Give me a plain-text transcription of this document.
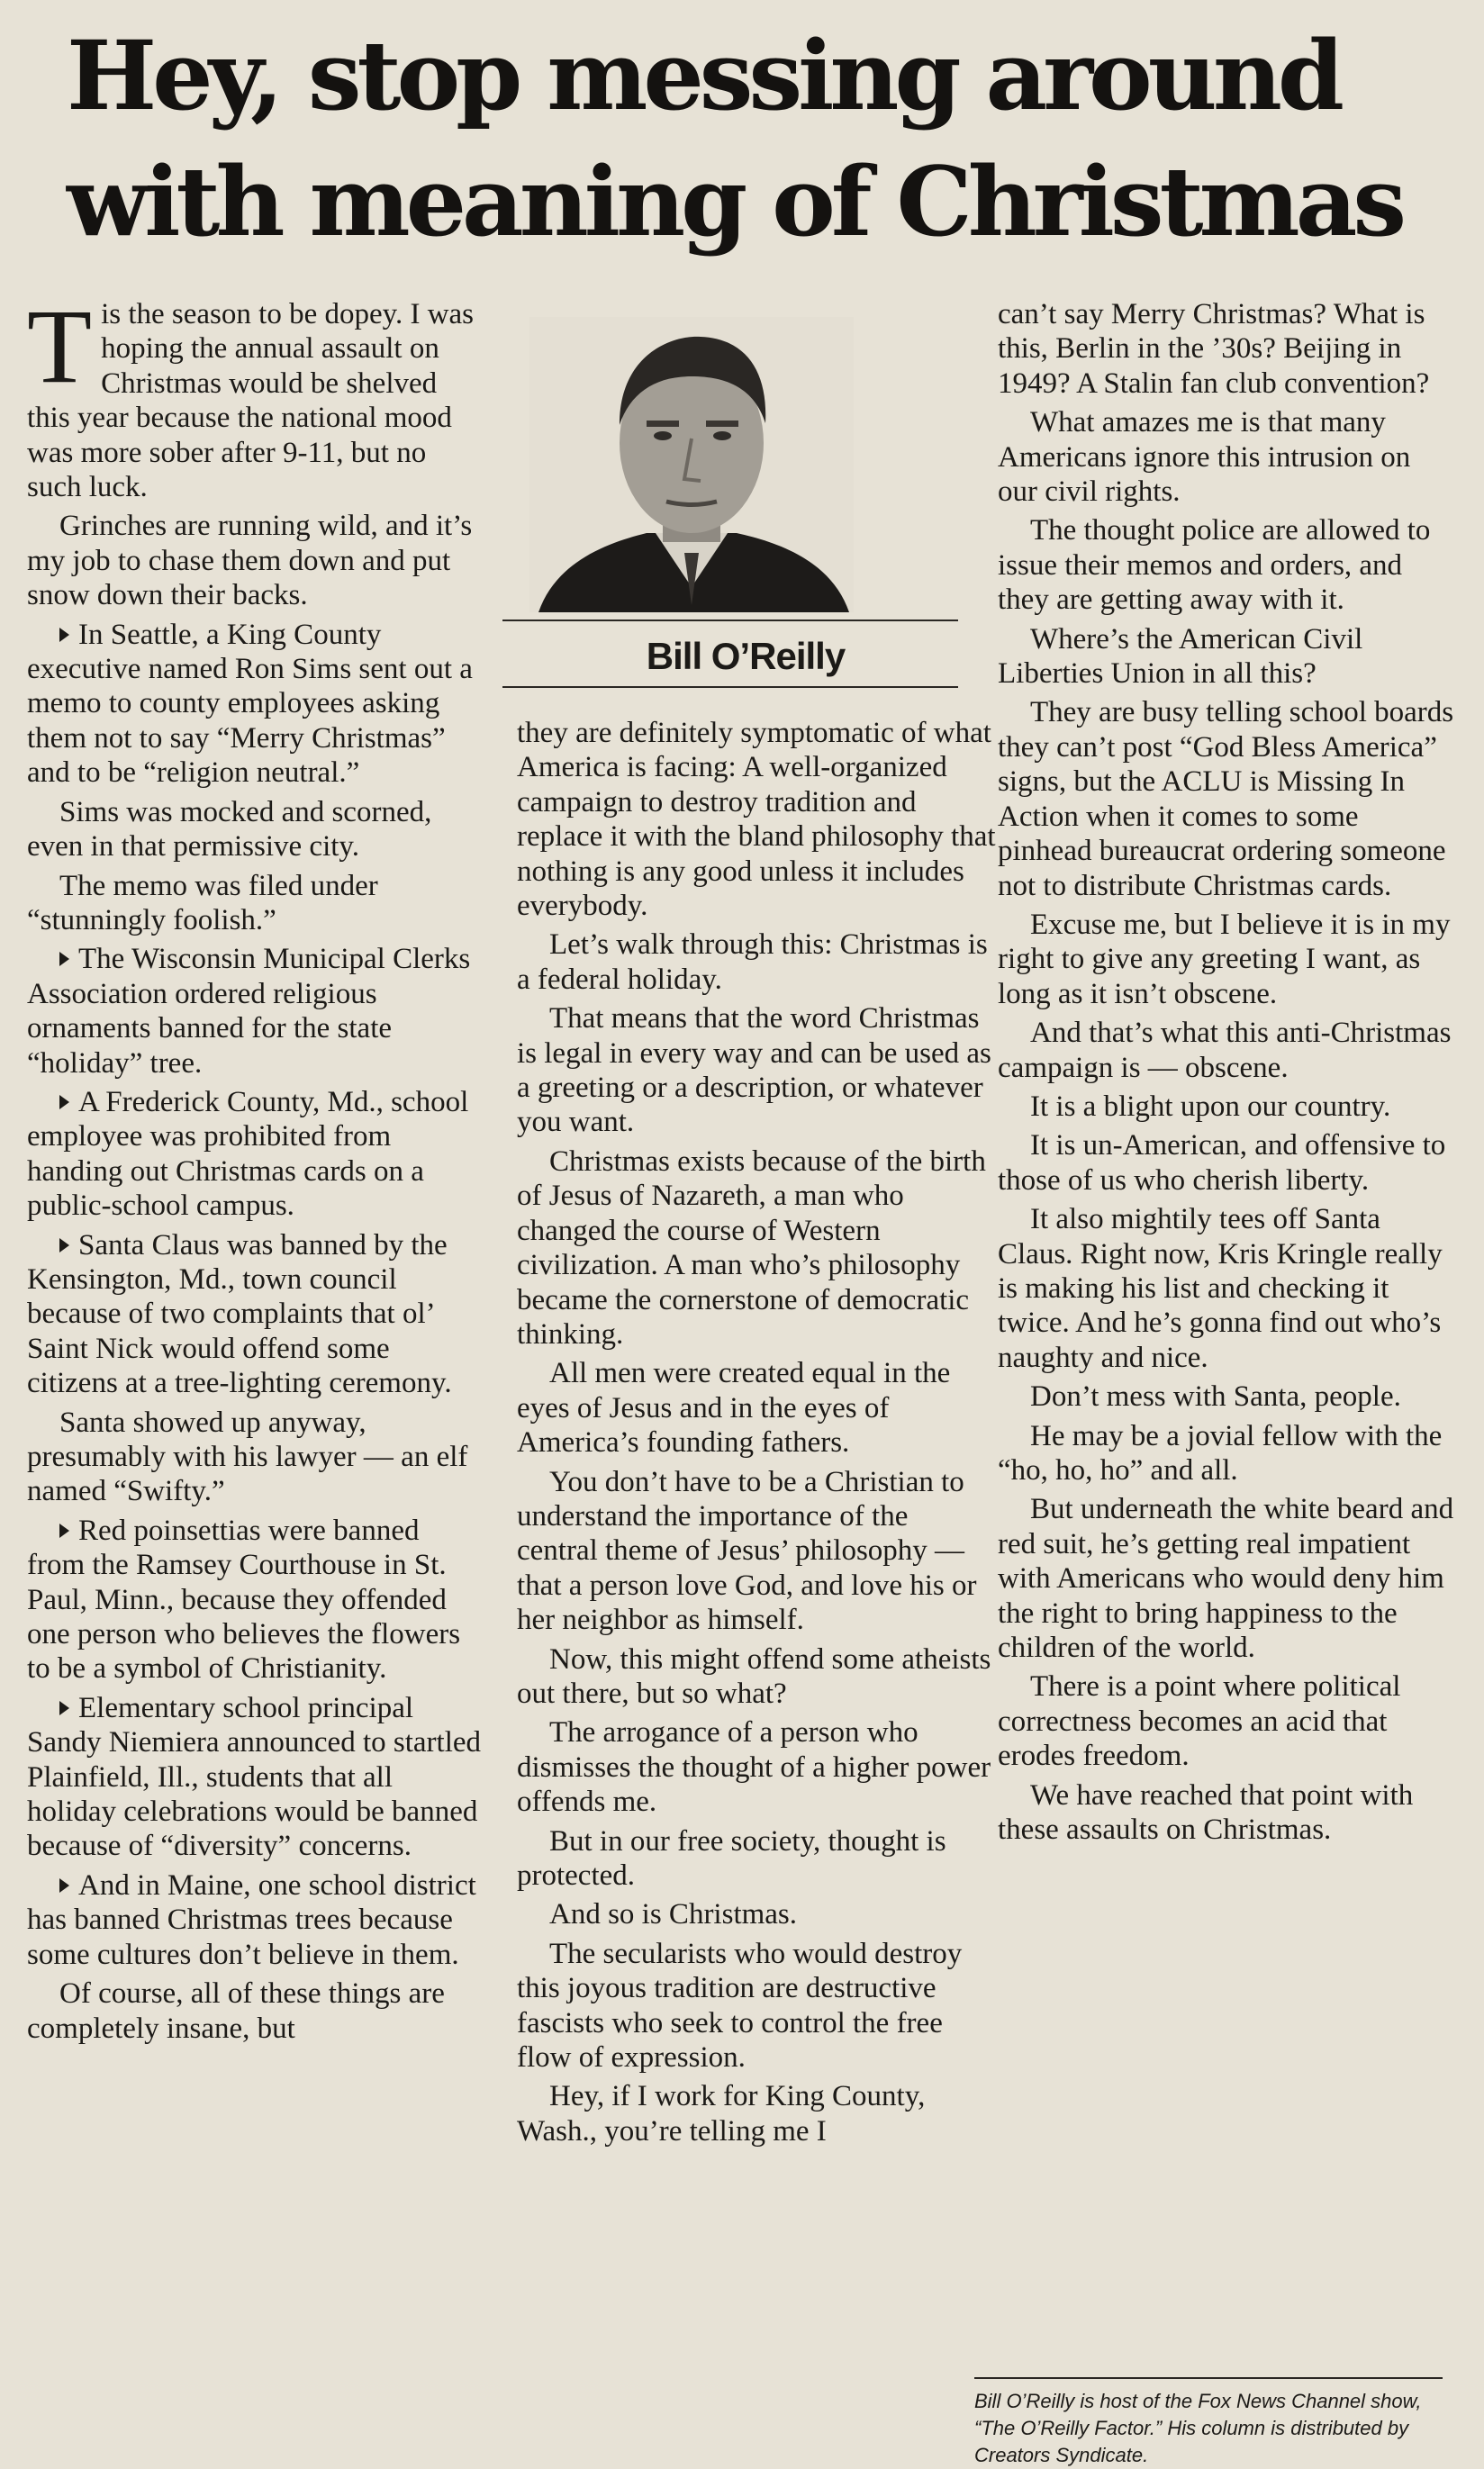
Hey, stop messing around
with meaning of Christmas

Tis the season to be dopey. I was hoping the annual assault on Christmas would be shelved this year because the national mood was more sober after 9-11, but no such luck.

Grinches are running wild, and it’s my job to chase them down and put snow down their backs.

In Seattle, a King County executive named Ron Sims sent out a memo to county employees asking them not to say “Merry Christmas” and to be “religion neutral.”

Sims was mocked and scorned, even in that permissive city.

The memo was filed under “stunningly foolish.”

The Wisconsin Municipal Clerks Association ordered religious ornaments banned for the state “holiday” tree.

A Frederick County, Md., school employee was prohibited from handing out Christmas cards on a public-school campus.

Santa Claus was banned by the Kensington, Md., town council because of two complaints that ol’ Saint Nick would offend some citizens at a tree-lighting ceremony.

Santa showed up anyway, presumably with his lawyer — an elf named “Swifty.”

Red poinsettias were banned from the Ramsey Courthouse in St. Paul, Minn., because they offended one person who believes the flowers to be a symbol of Christianity.

Elementary school principal Sandy Niemiera announced to startled Plainfield, Ill., students that all holiday celebrations would be banned because of “diversity” concerns.

And in Maine, one school district has banned Christmas trees because some cultures don’t believe in them.

Of course, all of these things are completely insane, but

Bill O’Reilly

they are definitely symptomatic of what America is facing: A well-organized campaign to destroy tradition and replace it with the bland philosophy that nothing is any good unless it includes everybody.

Let’s walk through this: Christmas is a federal holiday.

That means that the word Christmas is legal in every way and can be used as a greeting or a description, or whatever you want.

Christmas exists because of the birth of Jesus of Nazareth, a man who changed the course of Western civilization. A man who’s philosophy became the cornerstone of democratic thinking.

All men were created equal in the eyes of Jesus and in the eyes of America’s founding fathers.

You don’t have to be a Christian to understand the importance of the central theme of Jesus’ philosophy — that a person love God, and love his or her neighbor as himself.

Now, this might offend some atheists out there, but so what?

The arrogance of a person who dismisses the thought of a higher power offends me.

But in our free society, thought is protected.

And so is Christmas.

The secularists who would destroy this joyous tradition are destructive fascists who seek to control the free flow of expression.

Hey, if I work for King County, Wash., you’re telling me I

can’t say Merry Christmas? What is this, Berlin in the ’30s? Beijing in 1949? A Stalin fan club convention?

What amazes me is that many Americans ignore this intrusion on our civil rights.

The thought police are allowed to issue their memos and orders, and they are getting away with it.

Where’s the American Civil Liberties Union in all this?

They are busy telling school boards they can’t post “God Bless America” signs, but the ACLU is Missing In Action when it comes to some pinhead bureaucrat ordering someone not to distribute Christmas cards.

Excuse me, but I believe it is in my right to give any greeting I want, as long as it isn’t obscene.

And that’s what this anti-Christmas campaign is — obscene.

It is a blight upon our country.

It is un-American, and offensive to those of us who cherish liberty.

It also mightily tees off Santa Claus. Right now, Kris Kringle really is making his list and checking it twice. And he’s gonna find out who’s naughty and nice.

Don’t mess with Santa, people.

He may be a jovial fellow with the “ho, ho, ho” and all.

But underneath the white beard and red suit, he’s getting real impatient with Americans who would deny him the right to bring happiness to the children of the world.

There is a point where political correctness becomes an acid that erodes freedom.

We have reached that point with these assaults on Christmas.

Bill O’Reilly is host of the Fox News Channel show, “The O’Reilly Factor.” His column is distributed by Creators Syndicate.
